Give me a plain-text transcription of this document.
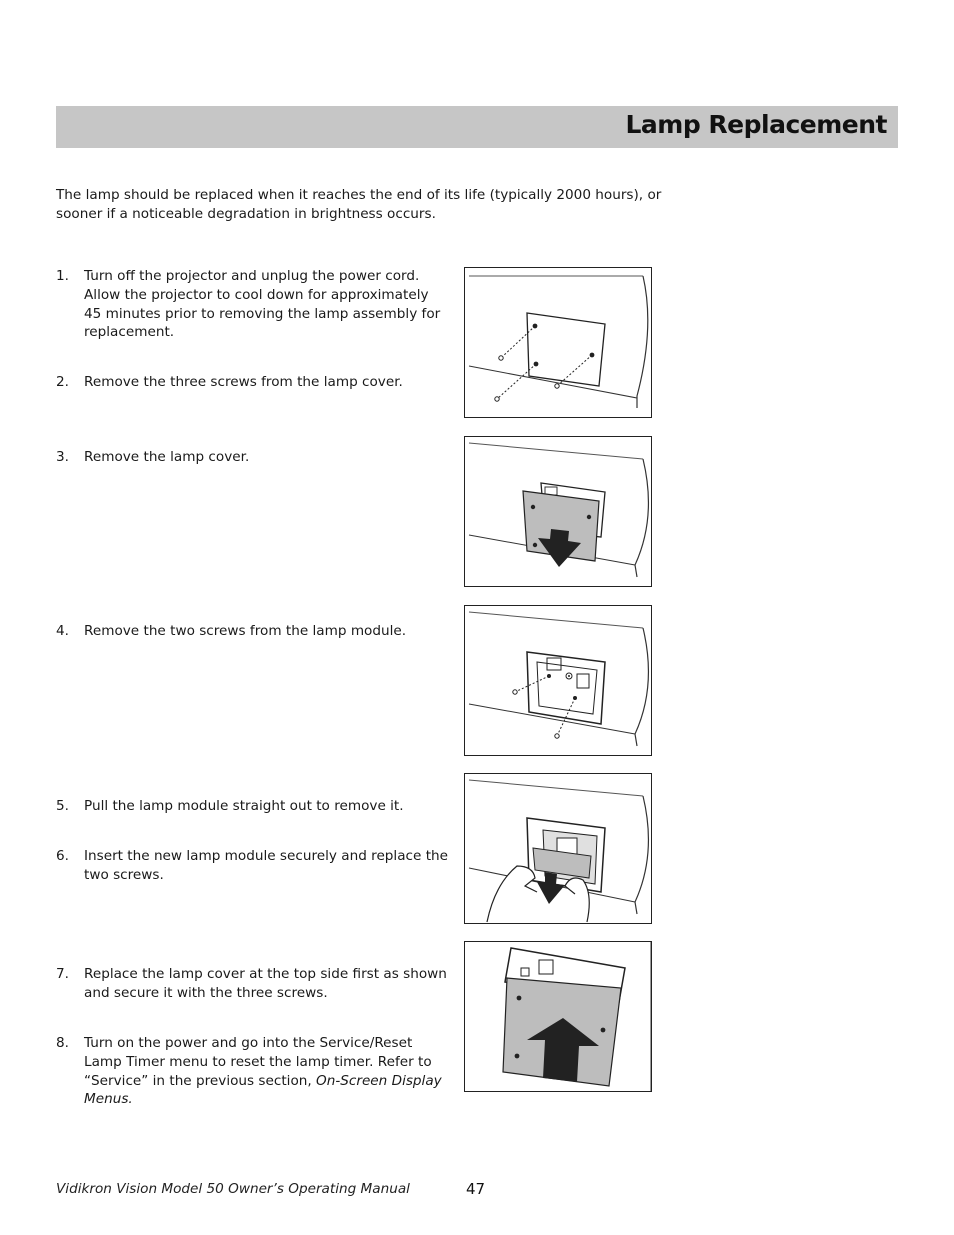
Lamp Replacement

The lamp should be replaced when it reaches the end of its life (typically 2000 hours), or sooner if a noticeable degradation in brightness occurs.

1. Turn off the projector and unplug the power cord. Allow the projector to cool down for approximately 45 minutes prior to removing the lamp assembly for replacement.
2. Remove the three screws from the lamp cover.
3. Remove the lamp cover.
4. Remove the two screws from the lamp module.
5. Pull the lamp module straight out to remove it.
6. Insert the new lamp module securely and replace the two screws.
7. Replace the lamp cover at the top side first as shown and secure it with the three screws.
8. Turn on the power and go into the Service/Reset Lamp Timer menu to reset the lamp timer. Refer to “Service” in the previous section, On-Screen Display Menus.
Vidikron Vision Model 50 Owner’s Operating Manual	47
